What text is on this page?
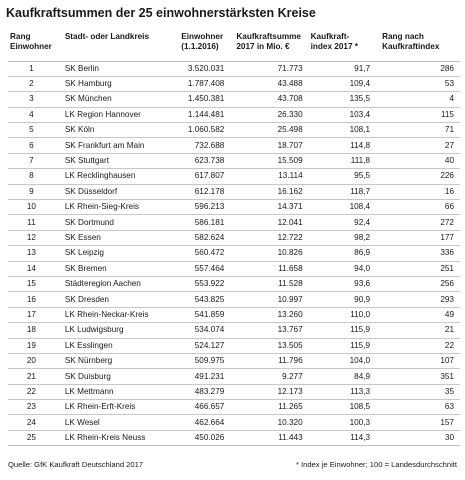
Kaufkraftsummen der 25 einwohnerstärksten Kreise
Rang Einwohner	Stadt- oder Landkreis	Einwohner (1.1.2016)	Kaufkraftsumme 2017 in Mio. €	Kaufkraft-index 2017 *	Rang nach Kaufkraftindex
1	SK Berlin	3.520.031	71.773	91,7	286
2	SK Hamburg	1.787.408	43.488	109,4	53
3	SK München	1.450.381	43.708	135,5	4
4	LK Region Hannover	1.144.481	26.330	103,4	115
5	SK Köln	1.060.582	25.498	108,1	71
6	SK Frankfurt am Main	732.688	18.707	114,8	27
7	SK Stuttgart	623.738	15.509	111,8	40
8	LK Recklinghausen	617.807	13.114	95,5	226
9	SK Düsseldorf	612.178	16.162	118,7	16
10	LK Rhein-Sieg-Kreis	596.213	14.371	108,4	66
11	SK Dortmund	586.181	12.041	92,4	272
12	SK Essen	582.624	12.722	98,2	177
13	SK Leipzig	560.472	10.826	86,9	336
14	SK Bremen	557.464	11.658	94,0	251
15	Städteregion Aachen	553.922	11.528	93,6	256
16	SK Dresden	543.825	10.997	90,9	293
17	LK Rhein-Neckar-Kreis	541.859	13.260	110,0	49
18	LK Ludwigsburg	534.074	13.767	115,9	21
19	LK Esslingen	524.127	13.505	115,9	22
20	SK Nürnberg	509.975	11.796	104,0	107
21	SK Duisburg	491.231	9.277	84,9	351
22	LK Mettmann	483.279	12.173	113,3	35
23	LK Rhein-Erft-Kreis	466.657	11.265	108,5	63
24	LK Wesel	462.664	10.320	100,3	157
25	LK Rhein-Kreis Neuss	450.026	11.443	114,3	30
Quelle: GfK Kaufkraft Deutschland 2017	* Index je Einwohner; 100 = Landesdurchschnitt
